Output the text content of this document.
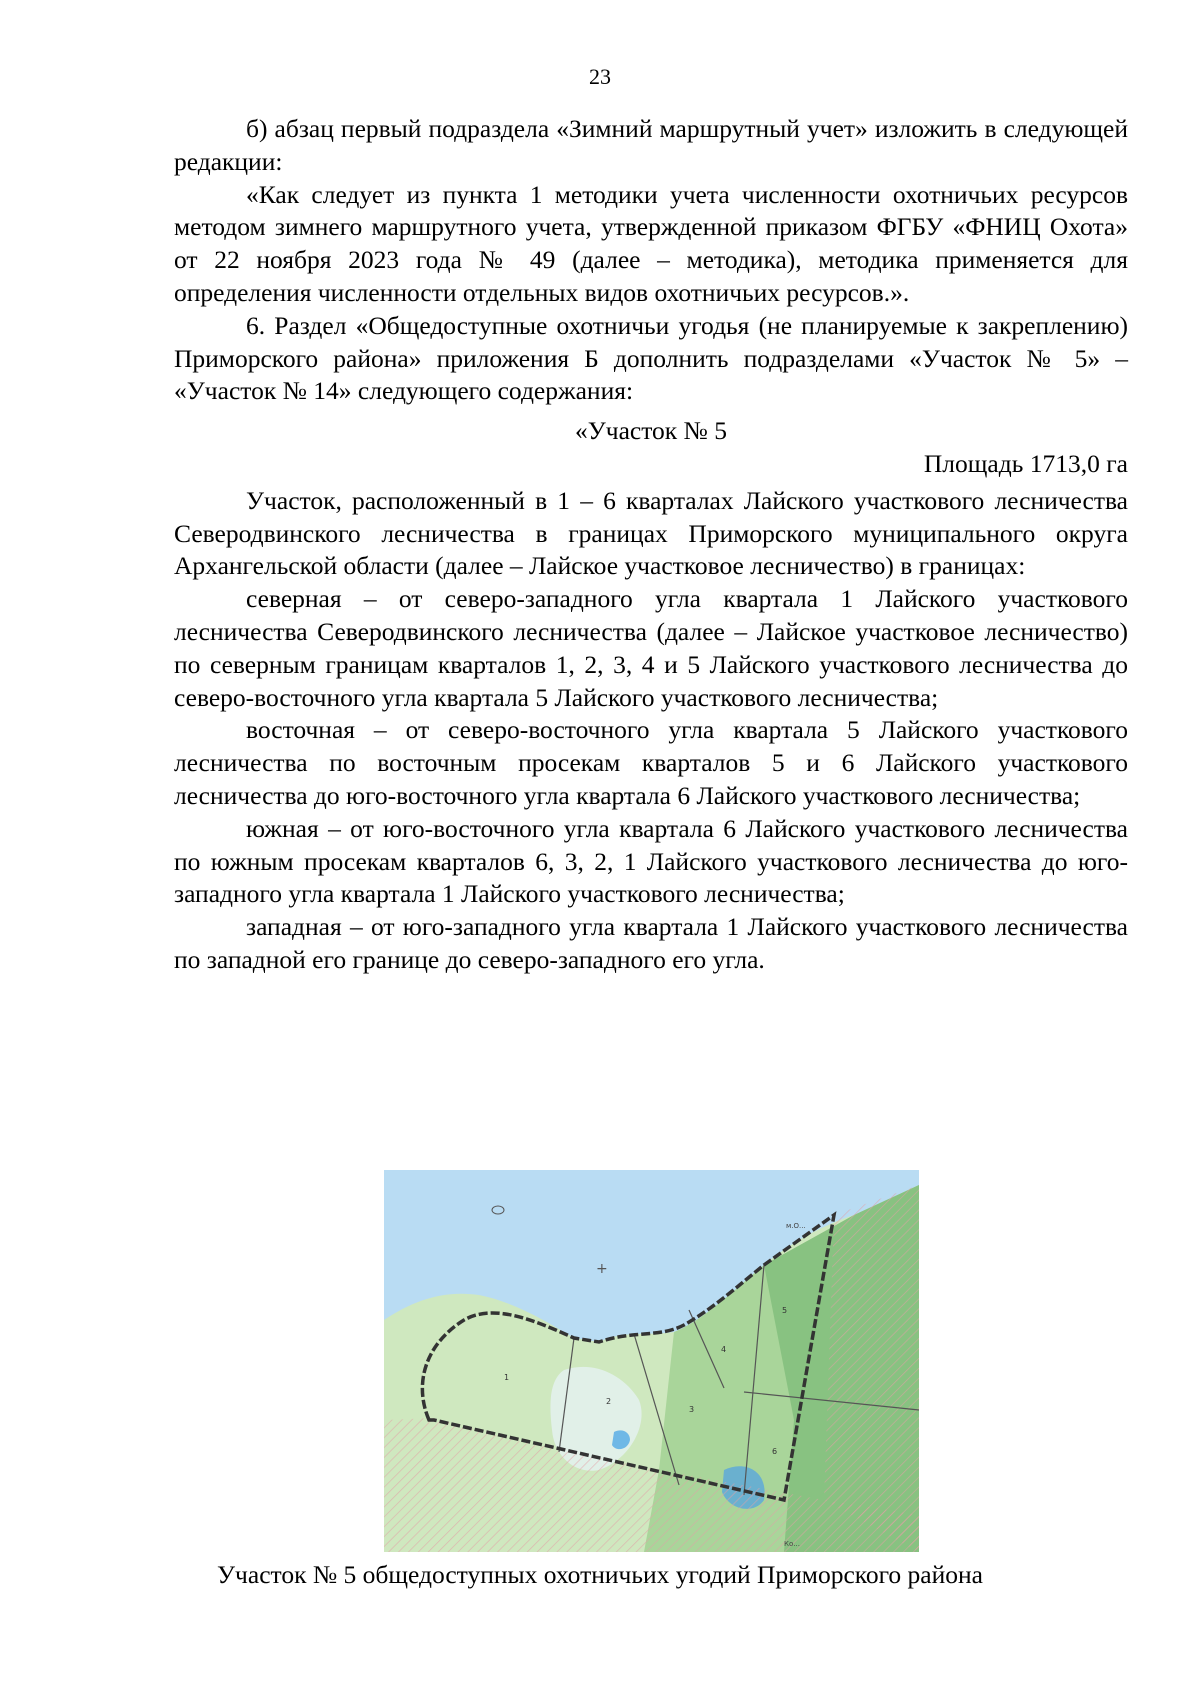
23

б) абзац первый подраздела «Зимний маршрутный учет» изложить в следующей редакции:

«Как следует из пункта 1 методики учета численности охотничьих ресурсов методом зимнего маршрутного учета, утвержденной приказом ФГБУ «ФНИЦ Охота» от 22 ноября 2023 года № 49 (далее – методика), методика применяется для определения численности отдельных видов охотничьих ресурсов.».

6. Раздел «Общедоступные охотничьи угодья (не планируемые к закреплению) Приморского района» приложения Б дополнить подразделами «Участок № 5» – «Участок № 14» следующего содержания:

«Участок № 5

Площадь 1713,0 га

Участок, расположенный в 1 – 6 кварталах Лайского участкового лесничества Северодвинского лесничества в границах Приморского муниципального округа Архангельской области (далее – Лайское участковое лесничество) в границах:

северная – от северо-западного угла квартала 1 Лайского участкового лесничества Северодвинского лесничества (далее – Лайское участковое лесничество) по северным границам кварталов 1, 2, 3, 4 и 5 Лайского участкового лесничества до северо-восточного угла квартала 5 Лайского участкового лесничества;

восточная – от северо-восточного угла квартала 5 Лайского участкового лесничества по восточным просекам кварталов 5 и 6 Лайского участкового лесничества до юго-восточного угла квартала 6 Лайского участкового лесничества;

южная – от юго-восточного угла квартала 6 Лайского участкового лесничества по южным просекам кварталов 6, 3, 2, 1 Лайского участкового лесничества до юго-западного угла квартала 1 Лайского участкового лесничества;

западная – от юго-западного угла квартала 1 Лайского участкового лесничества по западной его границе до северо-западного его угла.

+
1
2
3
4
5
6
м.О...
Ко...
Участок № 5 общедоступных охотничьих угодий Приморского района
